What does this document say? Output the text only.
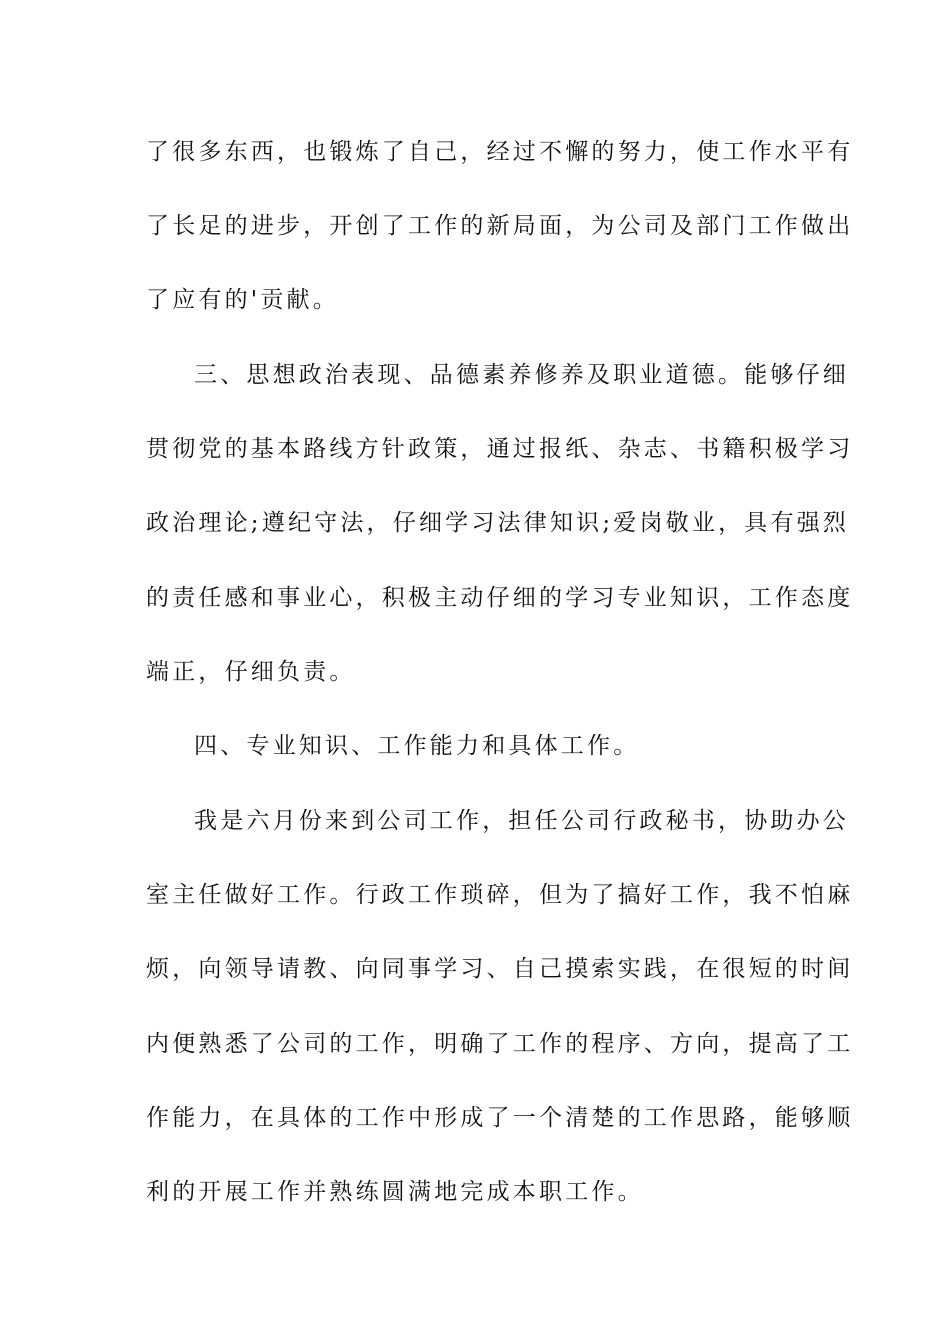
了很多东西，也锻炼了自己，经过不懈的努力，使工作水平有
了长足的进步，开创了工作的新局面，为公司及部门工作做出
了应有的'贡献。
三、思想政治表现、品德素养修养及职业道德。能够仔细
贯彻党的基本路线方针政策，通过报纸、杂志、书籍积极学习
政治理论;遵纪守法，仔细学习法律知识;爱岗敬业，具有强烈
的责任感和事业心，积极主动仔细的学习专业知识，工作态度
端正，仔细负责。
四、专业知识、工作能力和具体工作。
我是六月份来到公司工作，担任公司行政秘书，协助办公
室主任做好工作。行政工作琐碎，但为了搞好工作，我不怕麻
烦，向领导请教、向同事学习、自己摸索实践，在很短的时间
内便熟悉了公司的工作，明确了工作的程序、方向，提高了工
作能力，在具体的工作中形成了一个清楚的工作思路，能够顺
利的开展工作并熟练圆满地完成本职工作。
